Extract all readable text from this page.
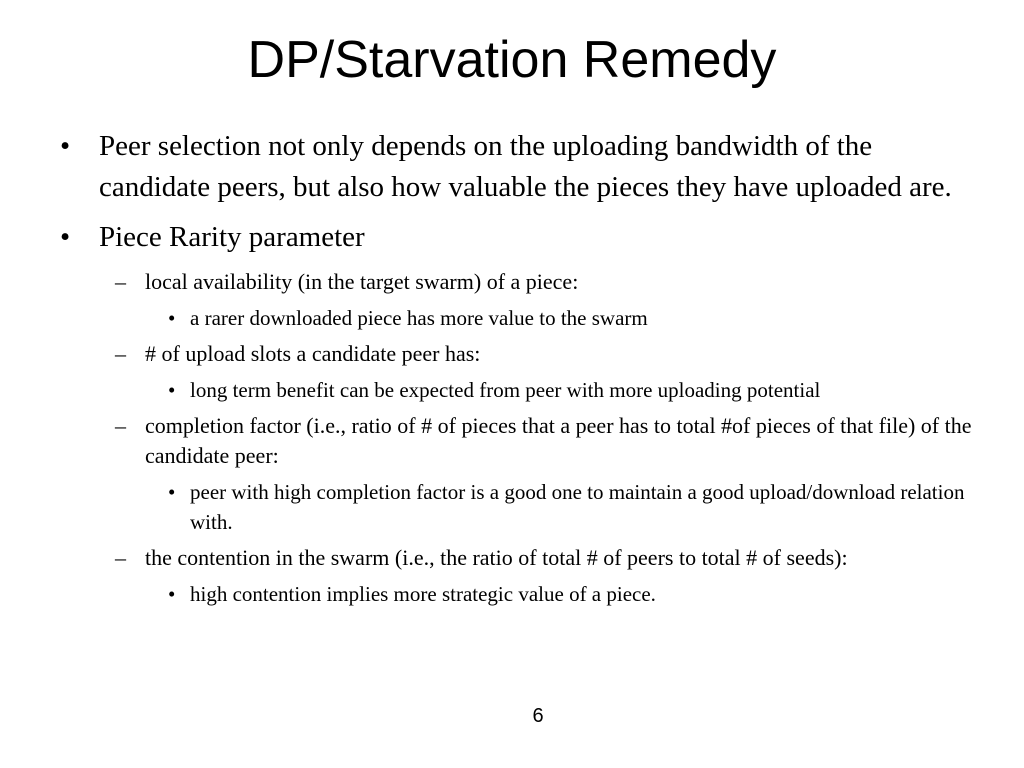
DP/Starvation Remedy
• Peer selection not only depends on the uploading bandwidth of the candidate peers, but also how valuable the pieces they have uploaded are.
• Piece Rarity parameter
– local availability (in the target swarm) of a piece:
• a rarer downloaded piece has more value to the swarm
– # of upload slots a candidate peer has:
• long term benefit can be expected from peer with more uploading potential
– completion factor (i.e., ratio of # of pieces that a peer has to total #of pieces of that file) of the candidate peer:
• peer with high completion factor is a good one to maintain a good upload/download relation with.
– the contention in the swarm (i.e., the ratio of total # of peers to total # of seeds):
• high contention implies more strategic value of a piece.
6
